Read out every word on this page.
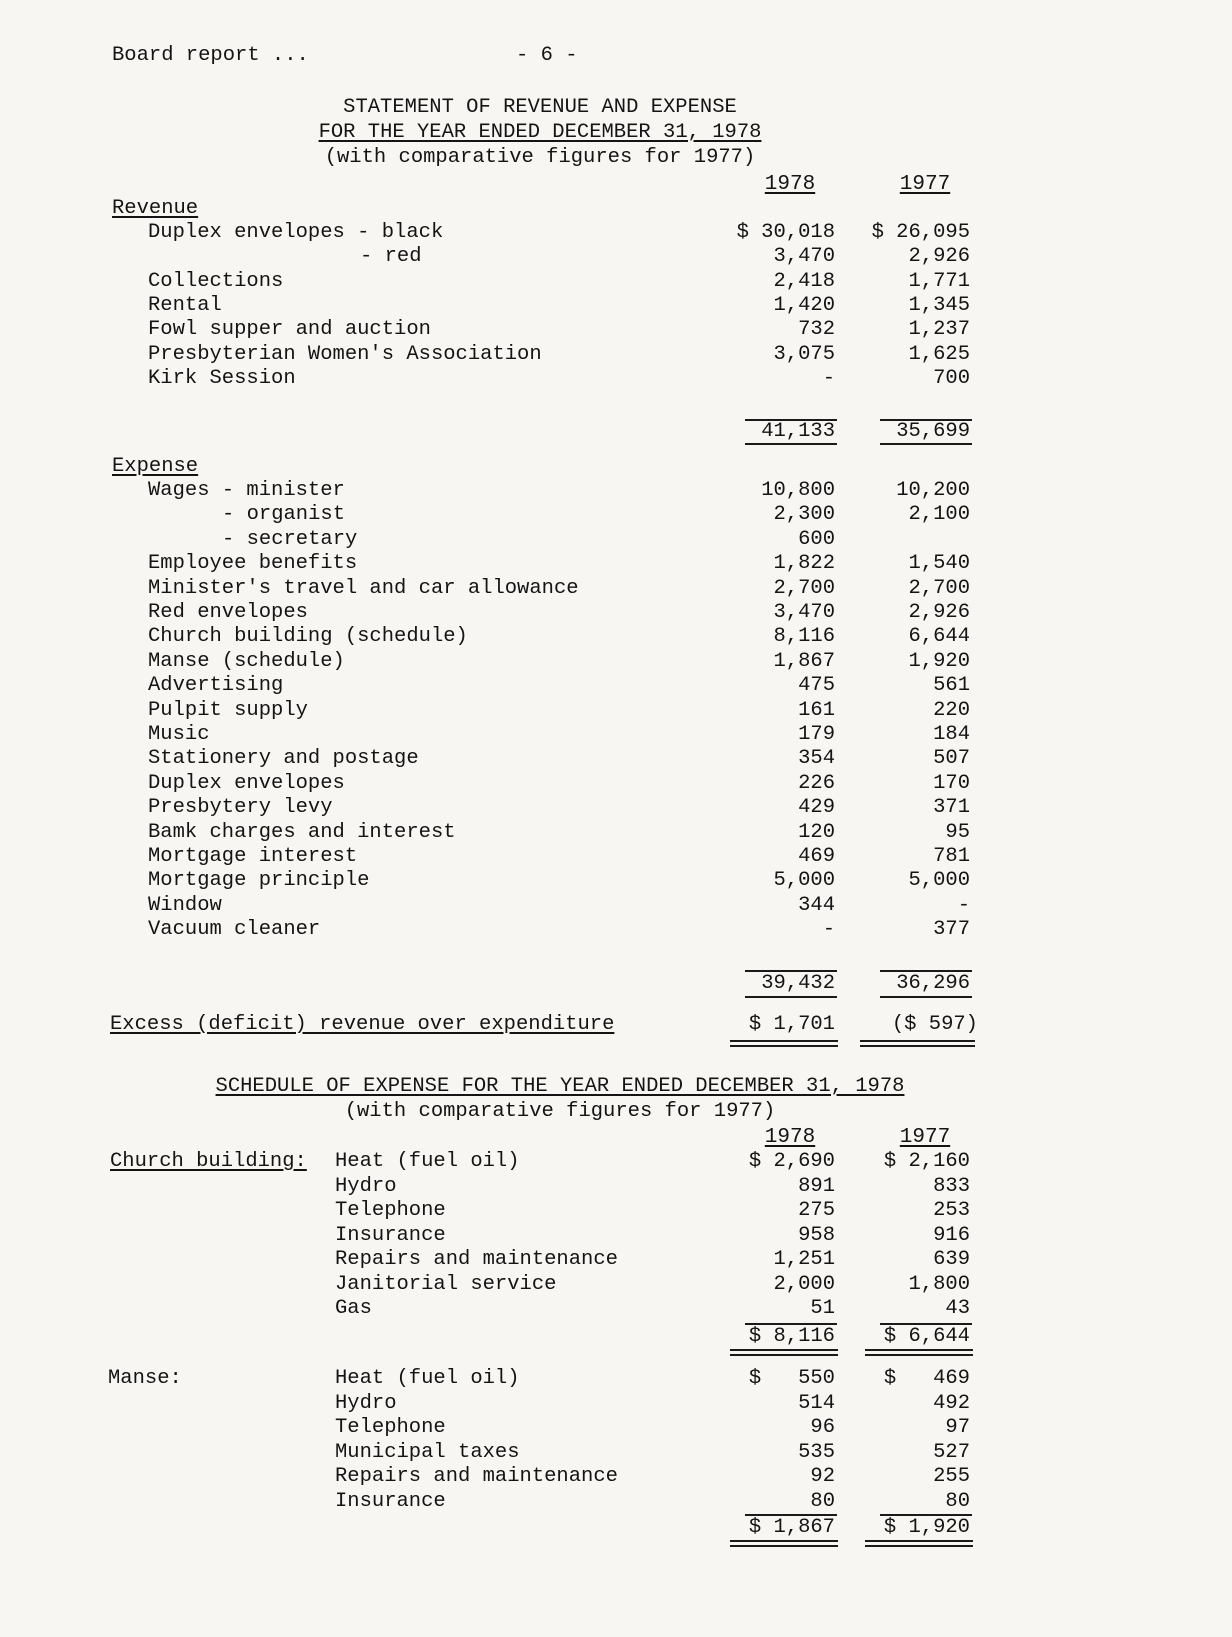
Board report ...	- 6 -
STATEMENT OF REVENUE AND EXPENSE
FOR THE YEAR ENDED DECEMBER 31, 1978
(with comparative figures for 1977)
1978	1977
Revenue
Duplex envelopes - black	$ 30,018	$ 26,095
- red	3,470	2,926
Collections	2,418	1,771
Rental	1,420	1,345
Fowl supper and auction	732	1,237
Presbyterian Women's Association	3,075	1,625
Kirk Session	-	700
41,133	35,699
Expense
Wages - minister	10,800	10,200
- organist	2,300	2,100
- secretary	600
Employee benefits	1,822	1,540
Minister's travel and car allowance	2,700	2,700
Red envelopes	3,470	2,926
Church building (schedule)	8,116	6,644
Manse (schedule)	1,867	1,920
Advertising	475	561
Pulpit supply	161	220
Music	179	184
Stationery and postage	354	507
Duplex envelopes	226	170
Presbytery levy	429	371
Bamk charges and interest	120	95
Mortgage interest	469	781
Mortgage principle	5,000	5,000
Window	344	-
Vacuum cleaner	-	377
39,432	36,296
Excess (deficit) revenue over expenditure	$ 1,701	($ 597)
SCHEDULE OF EXPENSE FOR THE YEAR ENDED DECEMBER 31, 1978
(with comparative figures for 1977)
1978	1977
Church building: Heat (fuel oil)	$ 2,690	$ 2,160
Hydro	891	833
Telephone	275	253
Insurance	958	916
Repairs and maintenance	1,251	639
Janitorial service	2,000	1,800
Gas	51	43
$ 8,116	$ 6,644
Manse:	Heat (fuel oil)	$   550	$   469
Hydro	514	492
Telephone	96	97
Municipal taxes	535	527
Repairs and maintenance	92	255
Insurance	80	80
$ 1,867	$ 1,920
